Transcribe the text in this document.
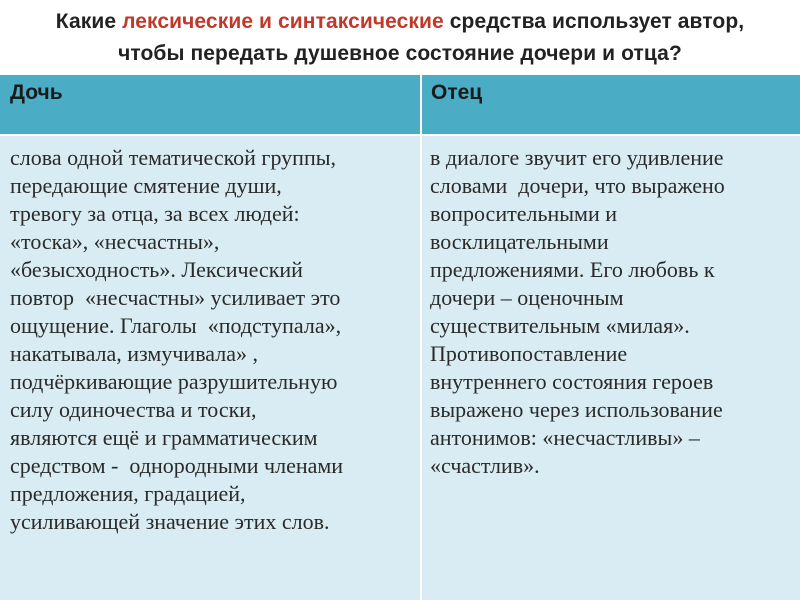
Какие лексические и синтаксические средства использует автор,
чтобы передать душевное состояние дочери и отца?
Дочь	Отец
слова одной тематической группы,
передающие смятение души,
тревогу за отца, за всех людей:
«тоска», «несчастны»,
«безысходность». Лексический
повтор  «несчастны» усиливает это
ощущение. Глаголы  «подступала»,
накатывала, измучивала» ,
подчёркивающие разрушительную
силу одиночества и тоски,
являются ещё и грамматическим
средством -  однородными членами
предложения, градацией,
усиливающей значение этих слов.
в диалоге звучит его удивление
словами  дочери, что выражено
вопросительными и
восклицательными
предложениями. Его любовь к
дочери – оценочным
существительным «милая».
Противопоставление
внутреннего состояния героев
выражено через использование
антонимов: «несчастливы» –
«счастлив».
